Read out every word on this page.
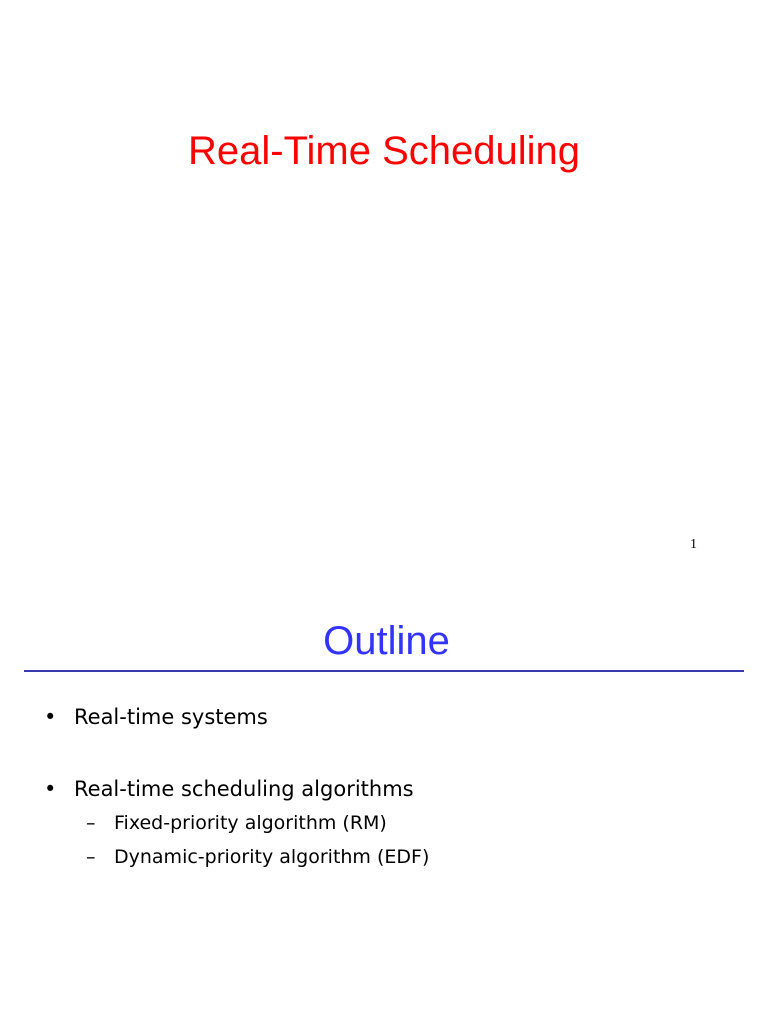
Real-Time Scheduling
1
Outline
• Real-time systems
• Real-time scheduling algorithms
– Fixed-priority algorithm (RM)
– Dynamic-priority algorithm (EDF)
